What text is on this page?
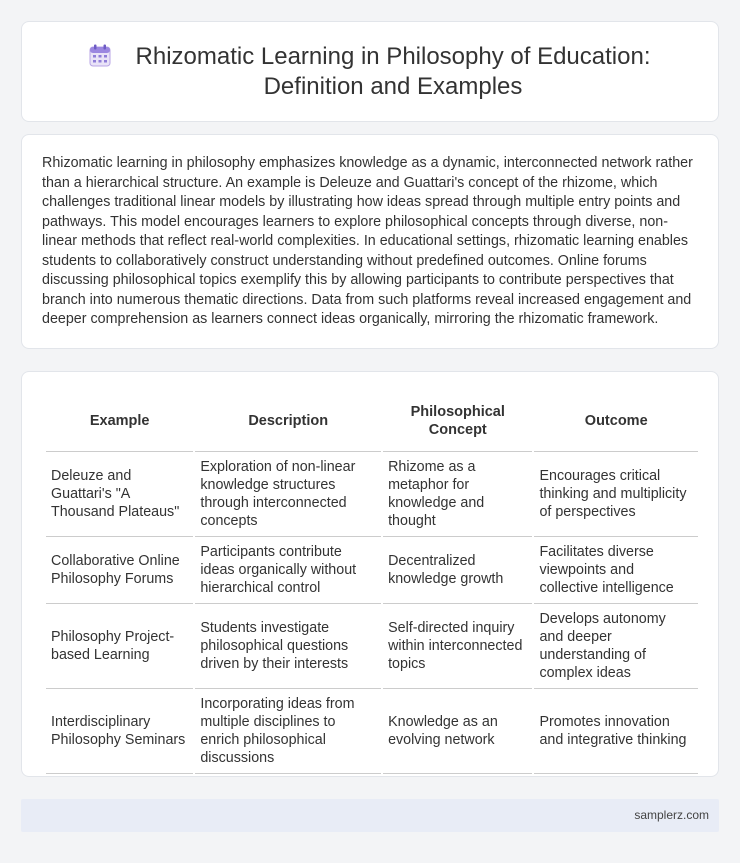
Rhizomatic Learning in Philosophy of Education: Definition and Examples

Rhizomatic learning in philosophy emphasizes knowledge as a dynamic, interconnected network rather than a hierarchical structure. An example is Deleuze and Guattari's concept of the rhizome, which challenges traditional linear models by illustrating how ideas spread through multiple entry points and pathways. This model encourages learners to explore philosophical concepts through diverse, non-linear methods that reflect real-world complexities. In educational settings, rhizomatic learning enables students to collaboratively construct understanding without predefined outcomes. Online forums discussing philosophical topics exemplify this by allowing participants to contribute perspectives that branch into numerous thematic directions. Data from such platforms reveal increased engagement and deeper comprehension as learners connect ideas organically, mirroring the rhizomatic framework.

Example	Description	Philosophical Concept	Outcome
Deleuze and Guattari's "A Thousand Plateaus"	Exploration of non-linear knowledge structures through interconnected concepts	Rhizome as a metaphor for knowledge and thought	Encourages critical thinking and multiplicity of perspectives
Collaborative Online Philosophy Forums	Participants contribute ideas organically without hierarchical control	Decentralized knowledge growth	Facilitates diverse viewpoints and collective intelligence
Philosophy Project-based Learning	Students investigate philosophical questions driven by their interests	Self-directed inquiry within interconnected topics	Develops autonomy and deeper understanding of complex ideas
Interdisciplinary Philosophy Seminars	Incorporating ideas from multiple disciplines to enrich philosophical discussions	Knowledge as an evolving network	Promotes innovation and integrative thinking
samplerz.com
